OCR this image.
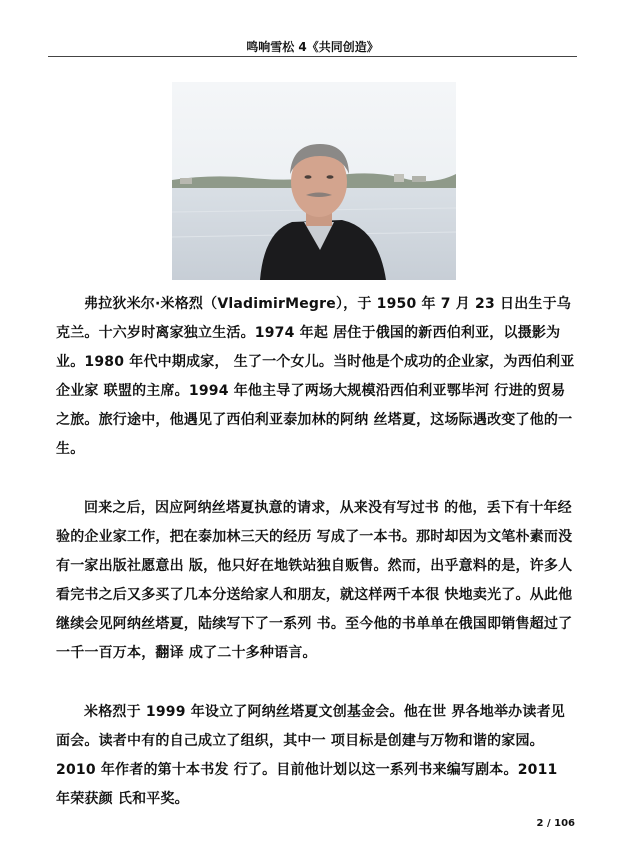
鸣响雪松 4《共同创造》

弗拉狄米尔·米格烈（VladimirMegre），于 1950 年 7 月 23 日出生于乌克兰。十六岁时离家独立生活。1974 年起 居住于俄国的新西伯利亚，以摄影为业。1980 年代中期成家， 生了一个女儿。当时他是个成功的企业家，为西伯利亚企业家 联盟的主席。1994 年他主导了两场大规模沿西伯利亚鄂毕河 行进的贸易之旅。旅行途中，他遇见了西伯利亚泰加林的阿纳 丝塔夏，这场际遇改变了他的一生。

回来之后，因应阿纳丝塔夏执意的请求，从来没有写过书 的他，丢下有十年经验的企业家工作，把在泰加林三天的经历 写成了一本书。那时却因为文笔朴素而没有一家出版社愿意出 版，他只好在地铁站独自贩售。然而，出乎意料的是，许多人 看完书之后又多买了几本分送给家人和朋友，就这样两千本很 快地卖光了。从此他继续会见阿纳丝塔夏，陆续写下了一系列 书。至今他的书单单在俄国即销售超过了一千一百万本，翻译 成了二十多种语言。

米格烈于 1999 年设立了阿纳丝塔夏文创基金会。他在世 界各地举办读者见面会。读者中有的自己成立了组织，其中一 项目标是创建与万物和谐的家园。2010 年作者的第十本书发 行了。目前他计划以这一系列书来编写剧本。2011 年荣获颜 氏和平奖。

2 / 106
